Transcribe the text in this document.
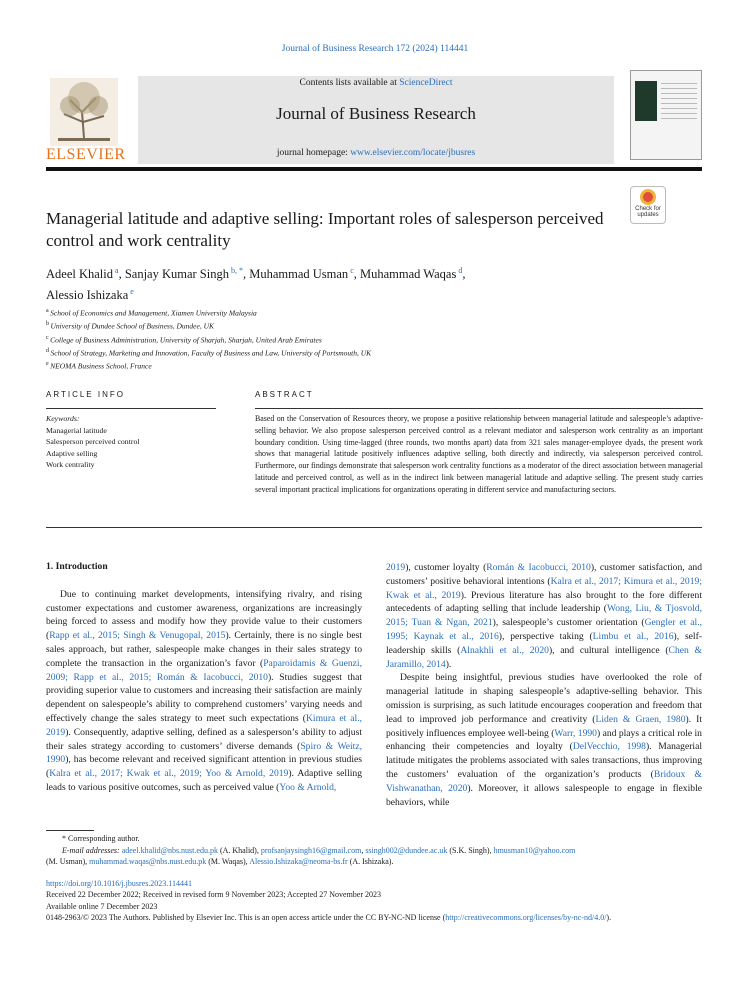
Journal of Business Research 172 (2024) 114441
ELSEVIER
Contents lists available at ScienceDirect
Journal of Business Research
journal homepage: www.elsevier.com/locate/jbusres
Managerial latitude and adaptive selling: Important roles of salesperson perceived control and work centrality
Check for updates
Adeel Khalid $^a$, Sanjay Kumar Singh $^{b, *}$, Muhammad Usman $^c$, Muhammad Waqas $^d$,
Alessio Ishizaka $^e$
$^a$ School of Economics and Management, Xiamen University Malaysia
$^b$ University of Dundee School of Business, Dundee, UK
$^c$ College of Business Administration, University of Sharjah, Sharjah, United Arab Emirates
$^d$ School of Strategy, Marketing and Innovation, Faculty of Business and Law, University of Portsmouth, UK
$^e$ NEOMA Business School, France
ARTICLE INFO	ABSTRACT
Keywords:
Managerial latitude
Salesperson perceived control
Adaptive selling
Work centrality
Based on the Conservation of Resources theory, we propose a positive relationship between managerial latitude and salespeople’s adaptive-selling behavior. We also propose salesperson perceived control as a relevant mediator and salesperson work centrality as an important boundary condition. Using time-lagged (three rounds, two months apart) data from 321 sales manager-employee dyads, the present work shows that managerial latitude positively influences adaptive selling, both directly and indirectly, via salesperson perceived control. Furthermore, our findings demonstrate that salesperson work centrality functions as a moderator of the direct association between managerial latitude and perceived control, as well as in the indirect link between managerial latitude and adaptive selling. The present study carries several important practical implications for organizations operating in different service and manufacturing sectors.
1. Introduction

Due to continuing market developments, intensifying rivalry, and rising customer expectations and customer awareness, organizations are increasingly being forced to assess and modify how they provide value to their customers (Rapp et al., 2015; Singh & Venugopal, 2015). Certainly, there is no single best sales approach, but rather, salespeople make changes in their sales strategy to complete the transaction in the organization’s favor (Paparoidamis & Guenzi, 2009; Rapp et al., 2015; Román & Iacobucci, 2010). Studies suggest that providing superior value to customers and increasing their satisfaction are mainly dependent on salespeople’s ability to comprehend customers’ varying needs and effectively change the sales strategy to meet such expectations (Kimura et al., 2019). Consequently, adaptive selling, defined as a salesperson’s ability to adjust their sales strategy according to customers’ diverse demands (Spiro & Weitz, 1990), has become relevant and received significant attention in previous studies (Kalra et al., 2017; Kwak et al., 2019; Yoo & Arnold, 2019). Adaptive selling leads to various positive outcomes, such as perceived value (Yoo & Arnold,

2019), customer loyalty (Román & Iacobucci, 2010), customer satisfaction, and customers’ positive behavioral intentions (Kalra et al., 2017; Kimura et al., 2019; Kwak et al., 2019). Previous literature has also brought to the fore different antecedents of adapting selling that include leadership (Wong, Liu, & Tjosvold, 2015; Tuan & Ngan, 2021), salespeople’s customer orientation (Gengler et al., 1995; Kaynak et al., 2016), perspective taking (Limbu et al., 2016), self-leadership skills (Alnakhli et al., 2020), and cultural intelligence (Chen & Jaramillo, 2014).

Despite being insightful, previous studies have overlooked the role of managerial latitude in shaping salespeople’s adaptive-selling behavior. This omission is surprising, as such latitude encourages cooperation and freedom that lead to improved job performance and creativity (Liden & Graen, 1980). It positively influences employee well-being (Warr, 1990) and plays a critical role in enhancing their competencies and loyalty (DelVecchio, 1998). Managerial latitude mitigates the problems associated with sales transactions, thus improving the customers’ evaluation of the organization’s products (Bridoux & Vishwanathan, 2020). Moreover, it allows salespeople to engage in flexible behaviors, while

* Corresponding author.
E-mail addresses: adeel.khalid@nbs.nust.edu.pk (A. Khalid), profsanjaysingh16@gmail.com, ssingh002@dundee.ac.uk (S.K. Singh), hmusman10@yahoo.com
(M. Usman), muhammad.waqas@nbs.nust.edu.pk (M. Waqas), Alessio.Ishizaka@neoma-bs.fr (A. Ishizaka).
https://doi.org/10.1016/j.jbusres.2023.114441
Received 22 December 2022; Received in revised form 9 November 2023; Accepted 27 November 2023
Available online 7 December 2023
0148-2963/© 2023 The Authors. Published by Elsevier Inc. This is an open access article under the CC BY-NC-ND license (http://creativecommons.org/licenses/by-nc-nd/4.0/).
